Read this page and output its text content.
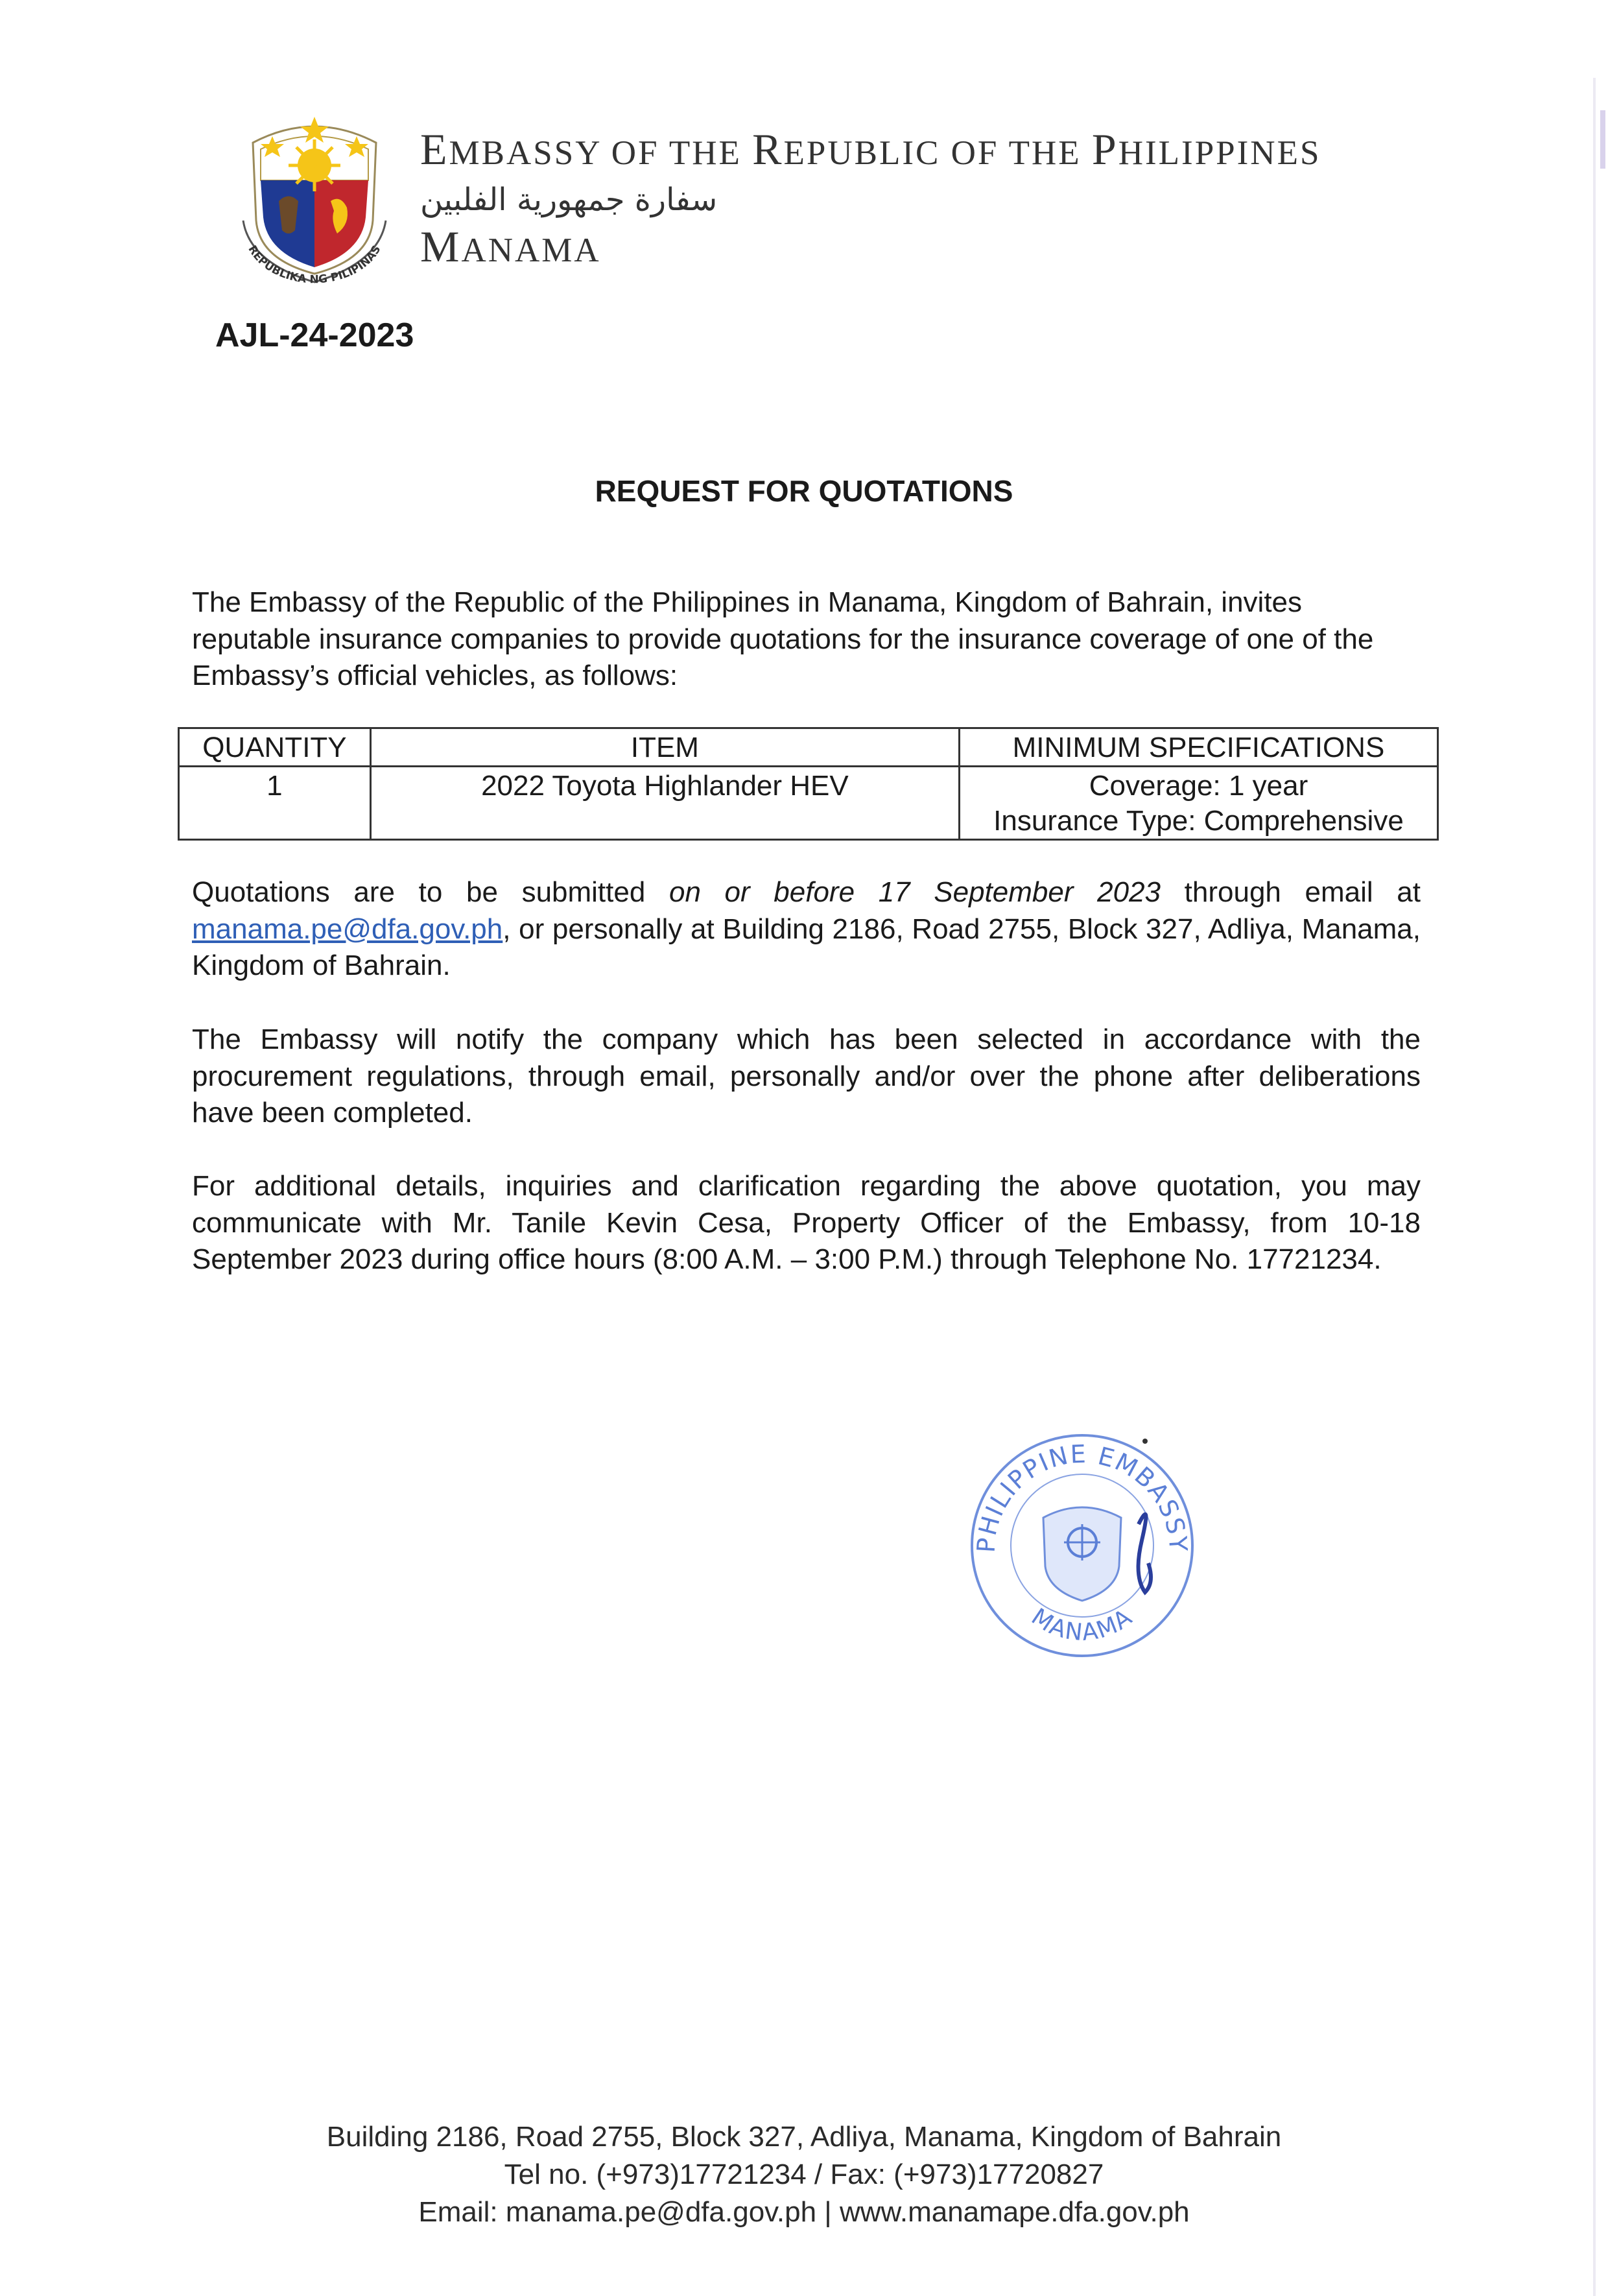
REPUBLIKA NG PILIPINAS
EMBASSY OF THE REPUBLIC OF THE PHILIPPINES
سفارة جمهورية الفلبين
MANAMA
AJL-24-2023
REQUEST FOR QUOTATIONS

The Embassy of the Republic of the Philippines in Manama, Kingdom of Bahrain, invites reputable insurance companies to provide quotations for the insurance coverage of one of the Embassy’s official vehicles, as follows:

QUANTITY	ITEM	MINIMUM SPECIFICATIONS
1	2022 Toyota Highlander HEV	Coverage: 1 year
Insurance Type: Comprehensive

Quotations are to be submitted on or before 17 September 2023 through email at manama.pe@dfa.gov.ph, or personally at Building 2186, Road 2755, Block 327, Adliya, Manama, Kingdom of Bahrain.

The Embassy will notify the company which has been selected in accordance with the procurement regulations, through email, personally and/or over the phone after deliberations have been completed.

For additional details, inquiries and clarification regarding the above quotation, you may communicate with Mr. Tanile Kevin Cesa, Property Officer of the Embassy, from 10-18 September 2023 during office hours (8:00 A.M. – 3:00 P.M.) through Telephone No. 17721234.

PHILIPPINE EMBASSY
MANAMA
Building 2186, Road 2755, Block 327, Adliya, Manama, Kingdom of Bahrain
Tel no. (+973)17721234 / Fax: (+973)17720827
Email: manama.pe@dfa.gov.ph | www.manamape.dfa.gov.ph
